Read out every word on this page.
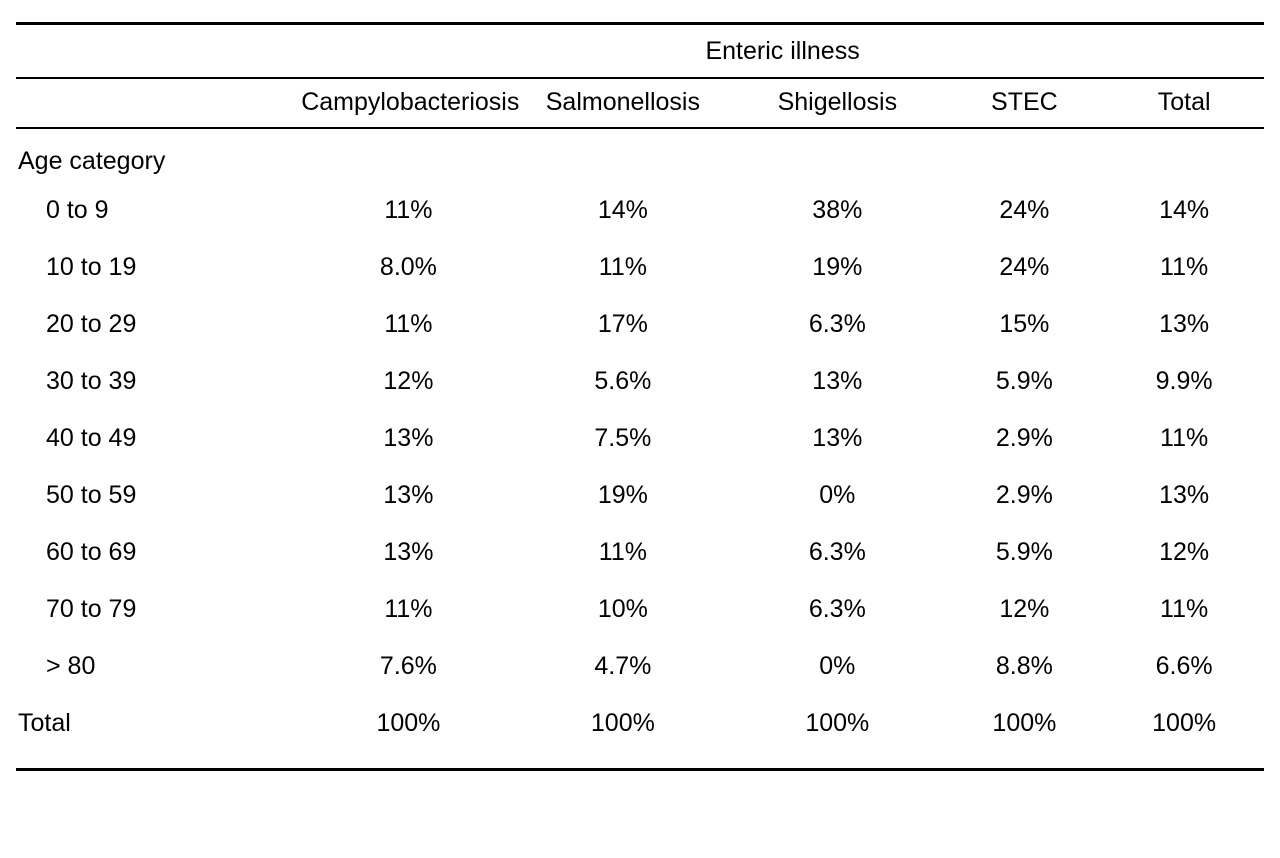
	Enteric illness				
	Campylobacteriosis	Salmonellosis	Shigellosis	STEC	Total
Age category					
0 to 9	11%	14%	38%	24%	14%
10 to 19	8.0%	11%	19%	24%	11%
20 to 29	11%	17%	6.3%	15%	13%
30 to 39	12%	5.6%	13%	5.9%	9.9%
40 to 49	13%	7.5%	13%	2.9%	11%
50 to 59	13%	19%	0%	2.9%	13%
60 to 69	13%	11%	6.3%	5.9%	12%
70 to 79	11%	10%	6.3%	12%	11%
> 80	7.6%	4.7%	0%	8.8%	6.6%
Total	100%	100%	100%	100%	100%
